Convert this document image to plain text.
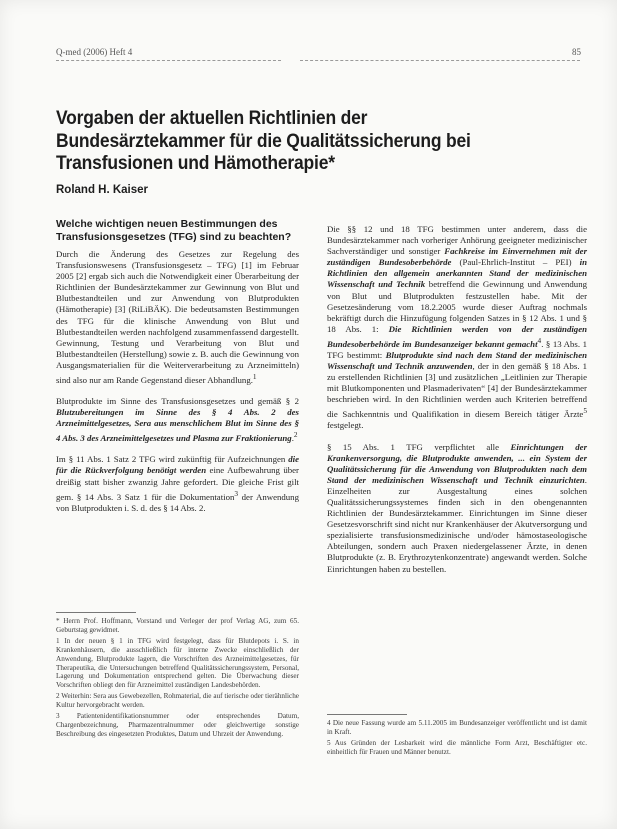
Q-med (2006) Heft 4	85
Vorgaben der aktuellen Richtlinien der Bundesärztekammer für die Qualitätssicherung bei Transfusionen und Hämotherapie*
Roland H. Kaiser
Welche wichtigen neuen Bestimmungen des Transfusionsgesetzes (TFG) sind zu beachten?

Durch die Änderung des Gesetzes zur Regelung des Transfusionswesens (Transfusionsgesetz – TFG) [1] im Februar 2005 [2] ergab sich auch die Notwendigkeit einer Überarbeitung der Richtlinien der Bundesärztekammer zur Gewinnung von Blut und Blutbestandteilen und zur Anwendung von Blutprodukten (Hämotherapie) [3] (RiLiBÄK). Die bedeutsamsten Bestimmungen des TFG für die klinische Anwendung von Blut und Blutbestandteilen werden nachfolgend zusammenfassend dargestellt. Gewinnung, Testung und Verarbeitung von Blut und Blutbestandteilen (Herstellung) sowie z. B. auch die Gewinnung von Ausgangsmaterialien für die Weiterverarbeitung zu Arzneimitteln) sind also nur am Rande Gegenstand dieser Abhandlung.$^1$

Blutprodukte im Sinne des Transfusionsgesetzes und gemäß § 2 Blutzubereitungen im Sinne des § 4 Abs. 2 des Arzneimittelgesetzes, Sera aus menschlichem Blut im Sinne des § 4 Abs. 3 des Arzneimittelgesetzes und Plasma zur Fraktionierung.$^2$

Im § 11 Abs. 1 Satz 2 TFG wird zukünftig für Aufzeichnungen die für die Rückverfolgung benötigt werden eine Aufbewahrung über dreißig statt bisher zwanzig Jahre gefordert. Die gleiche Frist gilt gem. § 14 Abs. 3 Satz 1 für die Dokumentation$^3$ der Anwendung von Blutprodukten i. S. d. des § 14 Abs. 2.

* Herrn Prof. Hoffmann, Vorstand und Verleger der prof Verlag AG, zum 65. Geburtstag gewidmet.

1 In der neuen § 1 in TFG wird festgelegt, dass für Blutdepots i. S. in Krankenhäusern, die ausschließlich für interne Zwecke einschließlich der Anwendung, Blutprodukte lagern, die Vorschriften des Arzneimittelgesetzes, für Therapeutika, die Untersuchungen betreffend Qualitätssicherungssystem, Personal, Lagerung und Dokumentation entsprechend gelten. Die Überwachung dieser Vorschriften obliegt den für Arzneimittel zuständigen Landesbehörden.

2 Weiterhin: Sera aus Gewebezellen, Rohmaterial, die auf tierische oder tierähnliche Kultur hervorgebracht werden.

3 Patientenidentifikationsnummer oder entsprechendes Datum, Chargenbezeichnung, Pharmazentralnummer oder gleichwertige sonstige Beschreibung des eingesetzten Produktes, Datum und Uhrzeit der Anwendung.

Die §§ 12 und 18 TFG bestimmen unter anderem, dass die Bundesärztekammer nach vorheriger Anhörung geeigneter medizinischer Sachverständiger und sonstiger Fachkreise im Einvernehmen mit der zuständigen Bundesoberbehörde (Paul-Ehrlich-Institut – PEI) in Richtlinien den allgemein anerkannten Stand der medizinischen Wissenschaft und Technik betreffend die Gewinnung und Anwendung von Blut und Blutprodukten festzustellen habe. Mit der Gesetzesänderung vom 18.2.2005 wurde dieser Auftrag nochmals bekräftigt durch die Hinzufügung folgenden Satzes in § 12 Abs. 1 und § 18 Abs. 1: Die Richtlinien werden von der zuständigen Bundesoberbehörde im Bundesanzeiger bekannt gemacht$^4$. § 13 Abs. 1 TFG bestimmt: Blutprodukte sind nach dem Stand der medizinischen Wissenschaft und Technik anzuwenden, der in den gemäß § 18 Abs. 1 zu erstellenden Richtlinien [3] und zusätzlichen „Leitlinien zur Therapie mit Blutkomponenten und Plasmaderivaten“ [4] der Bundesärztekammer beschrieben wird. In den Richtlinien werden auch Kriterien betreffend die Sachkenntnis und Qualifikation in diesem Bereich tätiger Ärzte$^5$ festgelegt.

§ 15 Abs. 1 TFG verpflichtet alle Einrichtungen der Krankenversorgung, die Blutprodukte anwenden, ... ein System der Qualitätssicherung für die Anwendung von Blutprodukten nach dem Stand der medizinischen Wissenschaft und Technik einzurichten. Einzelheiten zur Ausgestaltung eines solchen Qualitätssicherungssystemes finden sich in den obengenannten Richtlinien der Bundesärztekammer. Einrichtungen im Sinne dieser Gesetzesvorschrift sind nicht nur Krankenhäuser der Akutversorgung und spezialisierte transfusionsmedizinische und/oder hämostaseologische Abteilungen, sondern auch Praxen niedergelassener Ärzte, in denen Blutprodukte (z. B. Erythrozytenkonzentrate) angewandt werden. Solche Einrichtungen haben zu bestellen.

4 Die neue Fassung wurde am 5.11.2005 im Bundesanzeiger veröffentlicht und ist damit in Kraft.

5 Aus Gründen der Lesbarkeit wird die männliche Form Arzt, Beschäftigter etc. einheitlich für Frauen und Männer benutzt.
